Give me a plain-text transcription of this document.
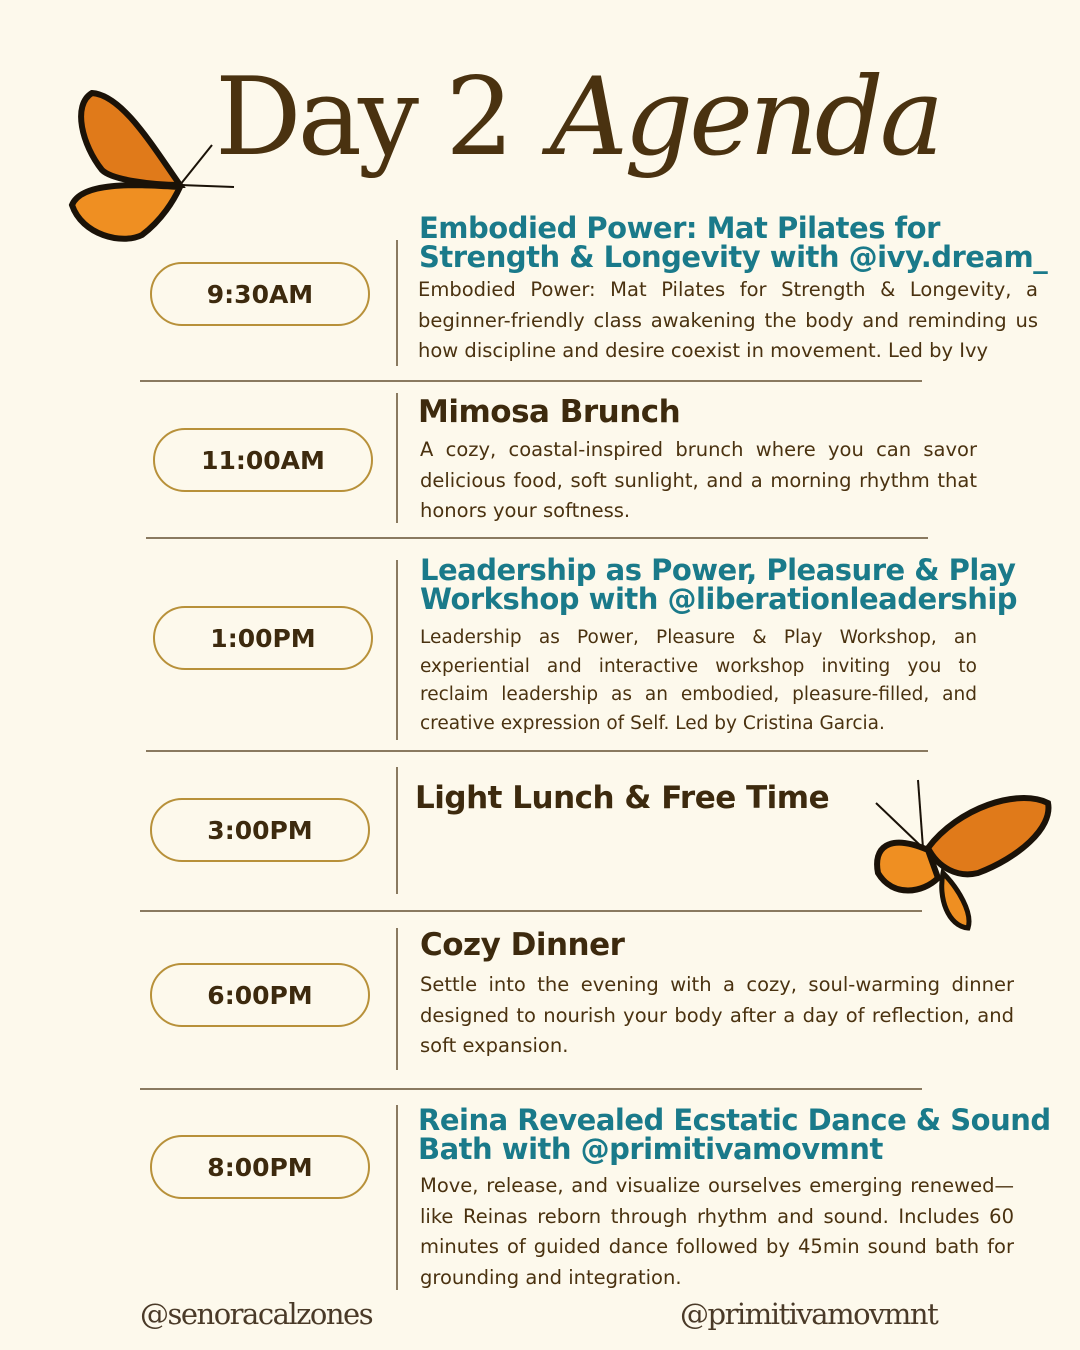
Day 2 Agenda
9:30AM
Embodied Power: Mat Pilates for Strength & Longevity with @ivy.dream_
Embodied Power: Mat Pilates for Strength & Longevity, a beginner-friendly class awakening the body and reminding us how discipline and desire coexist in movement. Led by Ivy
11:00AM
Mimosa Brunch
A cozy, coastal-inspired brunch where you can savor delicious food, soft sunlight, and a morning rhythm that honors your softness.
1:00PM
Leadership as Power, Pleasure & Play Workshop with @liberationleadership
Leadership as Power, Pleasure & Play Workshop, an experiential and interactive workshop inviting you to reclaim leadership as an embodied, pleasure-filled, and creative expression of Self. Led by Cristina Garcia.
3:00PM
Light Lunch & Free Time
6:00PM
Cozy Dinner
Settle into the evening with a cozy, soul-warming dinner designed to nourish your body after a day of reflection, and soft expansion.
8:00PM
Reina Revealed Ecstatic Dance & Sound Bath with @primitivamovmnt
Move, release, and visualize ourselves emerging renewed—like Reinas reborn through rhythm and sound. Includes 60 minutes of guided dance followed by 45min sound bath for grounding and integration.
@senoracalzones	@primitivamovmnt
